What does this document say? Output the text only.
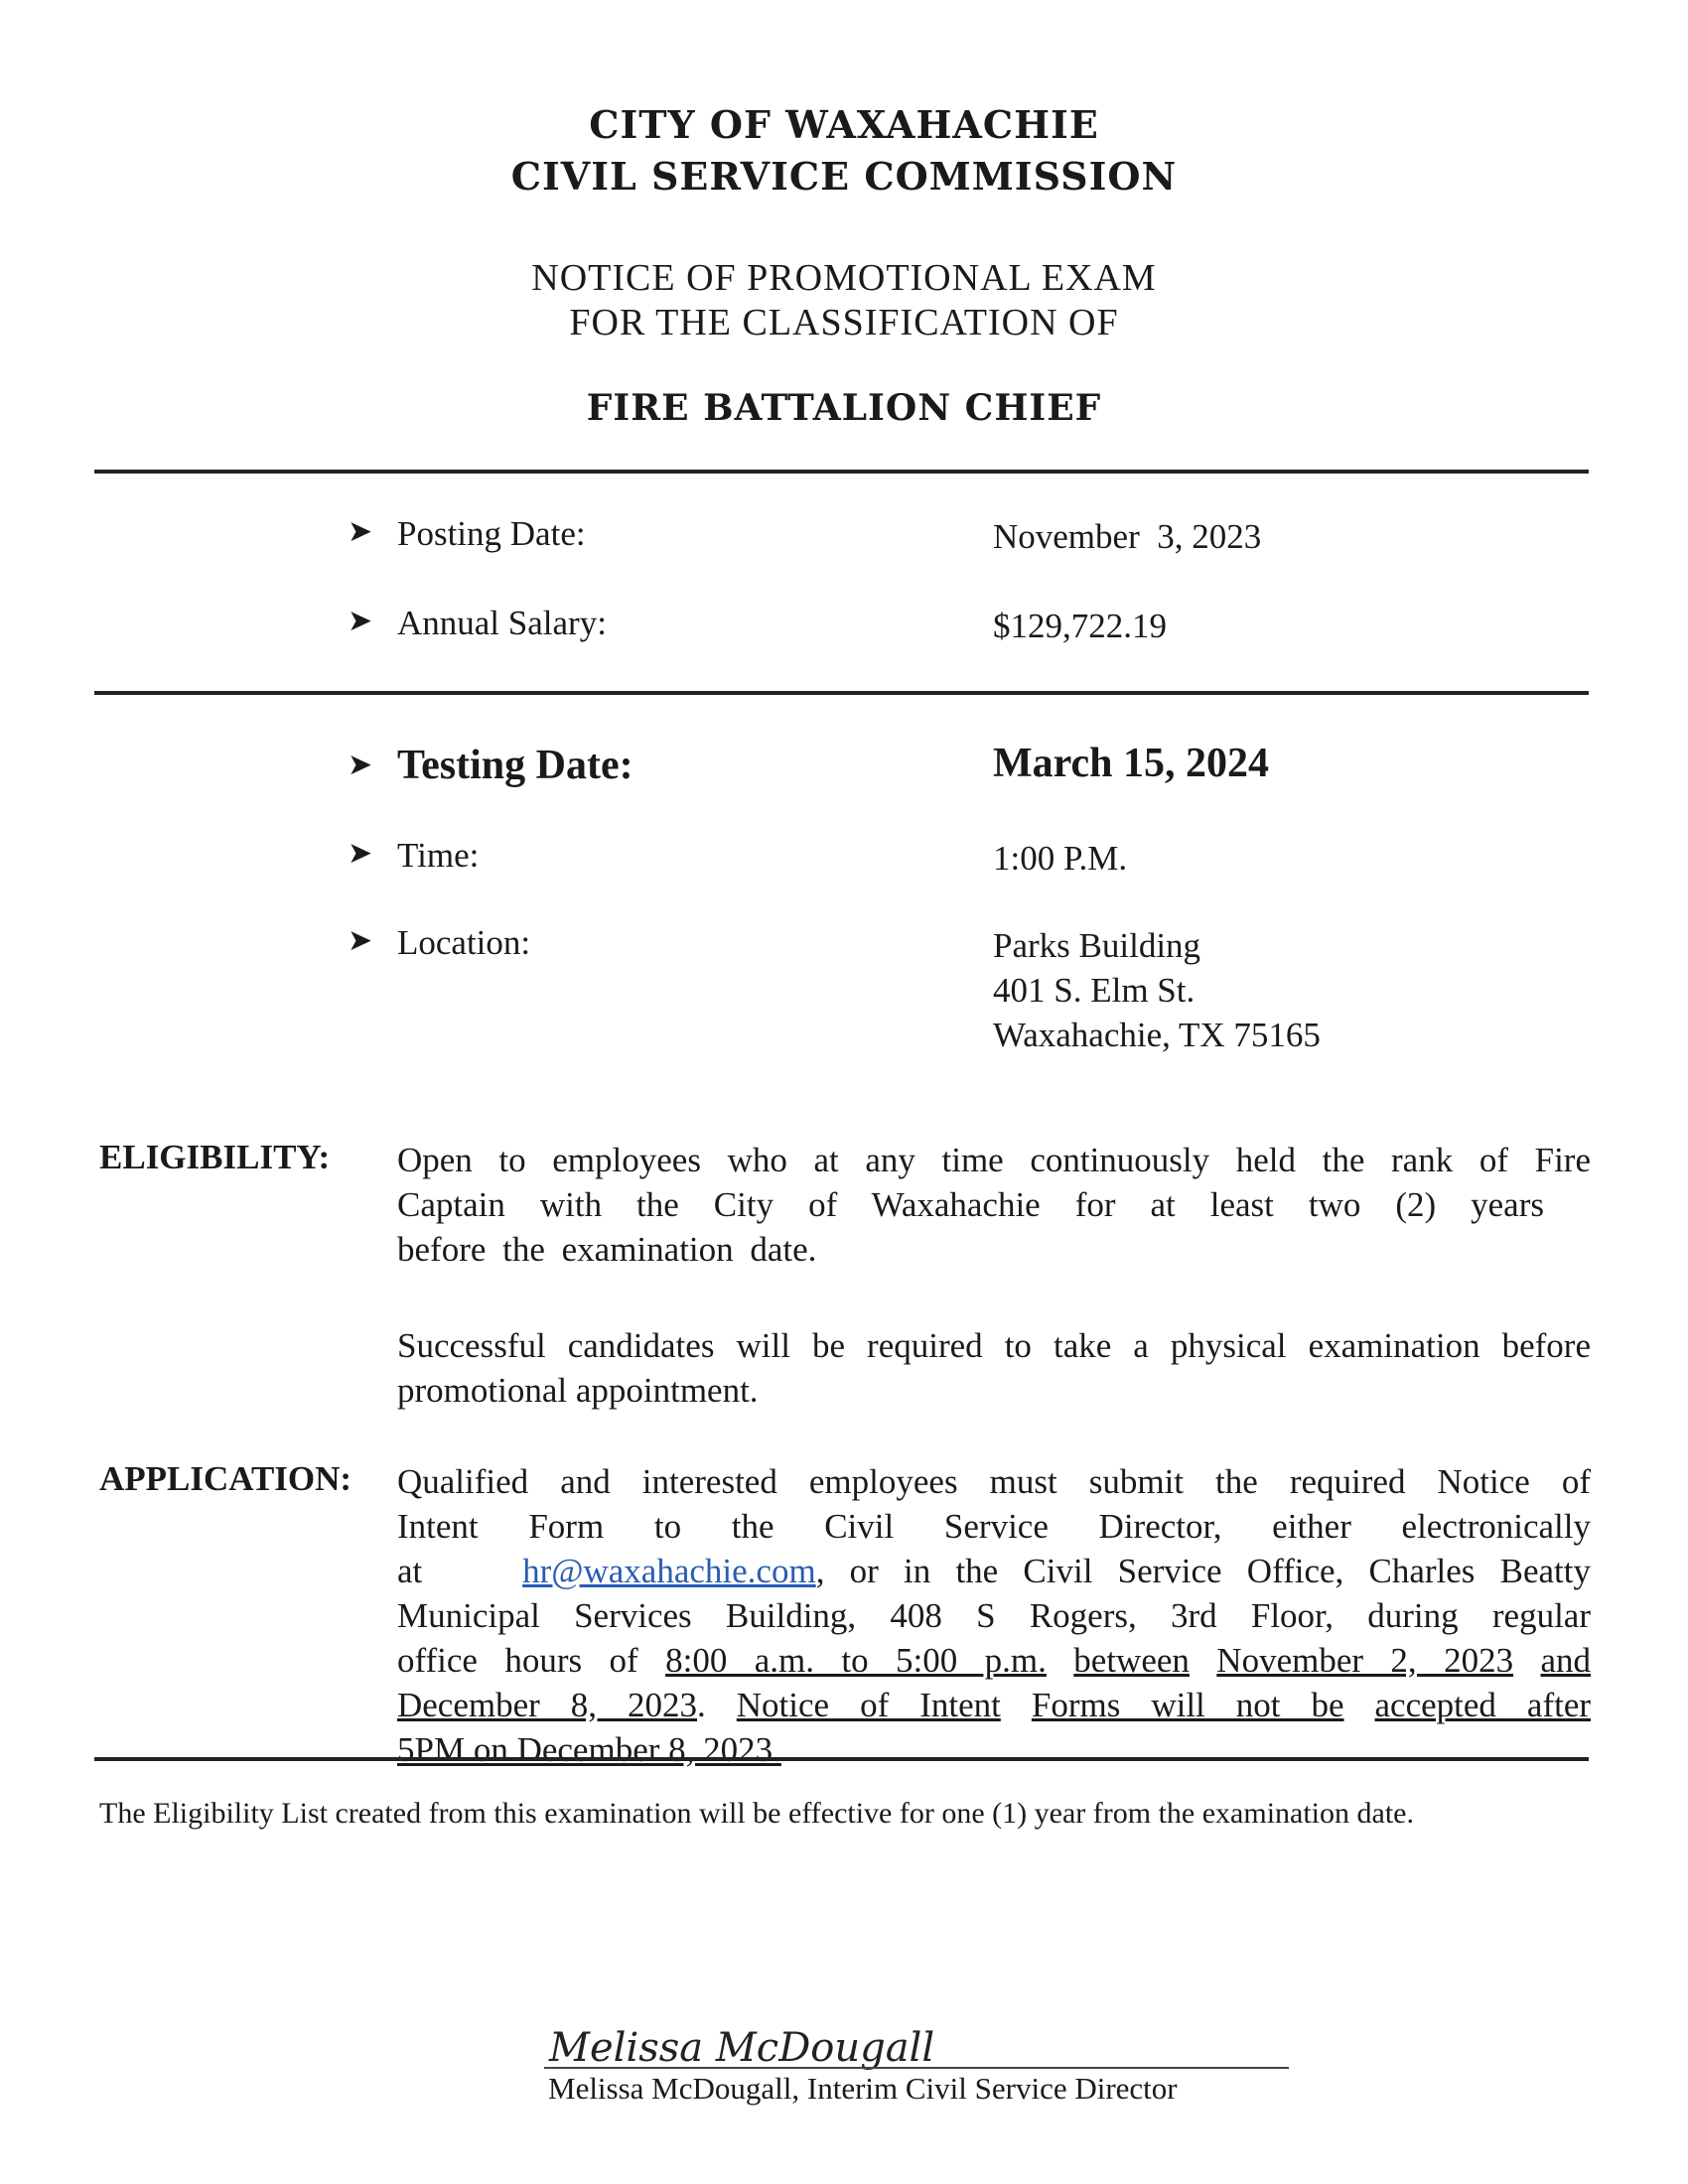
CITY OF WAXAHACHIE
CIVIL SERVICE COMMISSION
NOTICE OF PROMOTIONAL EXAM
FOR THE CLASSIFICATION OF
FIRE BATTALION CHIEF
➤ Posting Date:	November  3, 2023
➤ Annual Salary:	$129,722.19
➤ Testing Date:	March 15, 2024
➤ Time:	1:00 P.M.
➤ Location:	Parks Building
401 S. Elm St.
Waxahachie, TX 75165
ELIGIBILITY: Open to employees who at any time continuously held the rank of Fire
Captain with the City of Waxahachie for at least two (2) years
before the examination date.
Successful candidates will be required to take a physical examination before
promotional appointment.
APPLICATION: Qualified and interested employees must submit the required Notice of
Intent Form to the Civil Service Director, either electronically
at	hr@waxahachie.com, or in the Civil Service Office, Charles Beatty
Municipal Services Building, 408 S Rogers, 3rd Floor, during regular
office hours of 8:00 a.m. to 5:00 p.m. between November 2, 2023 and
December 8, 2023. Notice of Intent Forms will not be accepted after
5PM on December 8, 2023.
The Eligibility List created from this examination will be effective for one (1) year from the examination date.
Melissa McDougall
Melissa McDougall, Interim Civil Service Director
